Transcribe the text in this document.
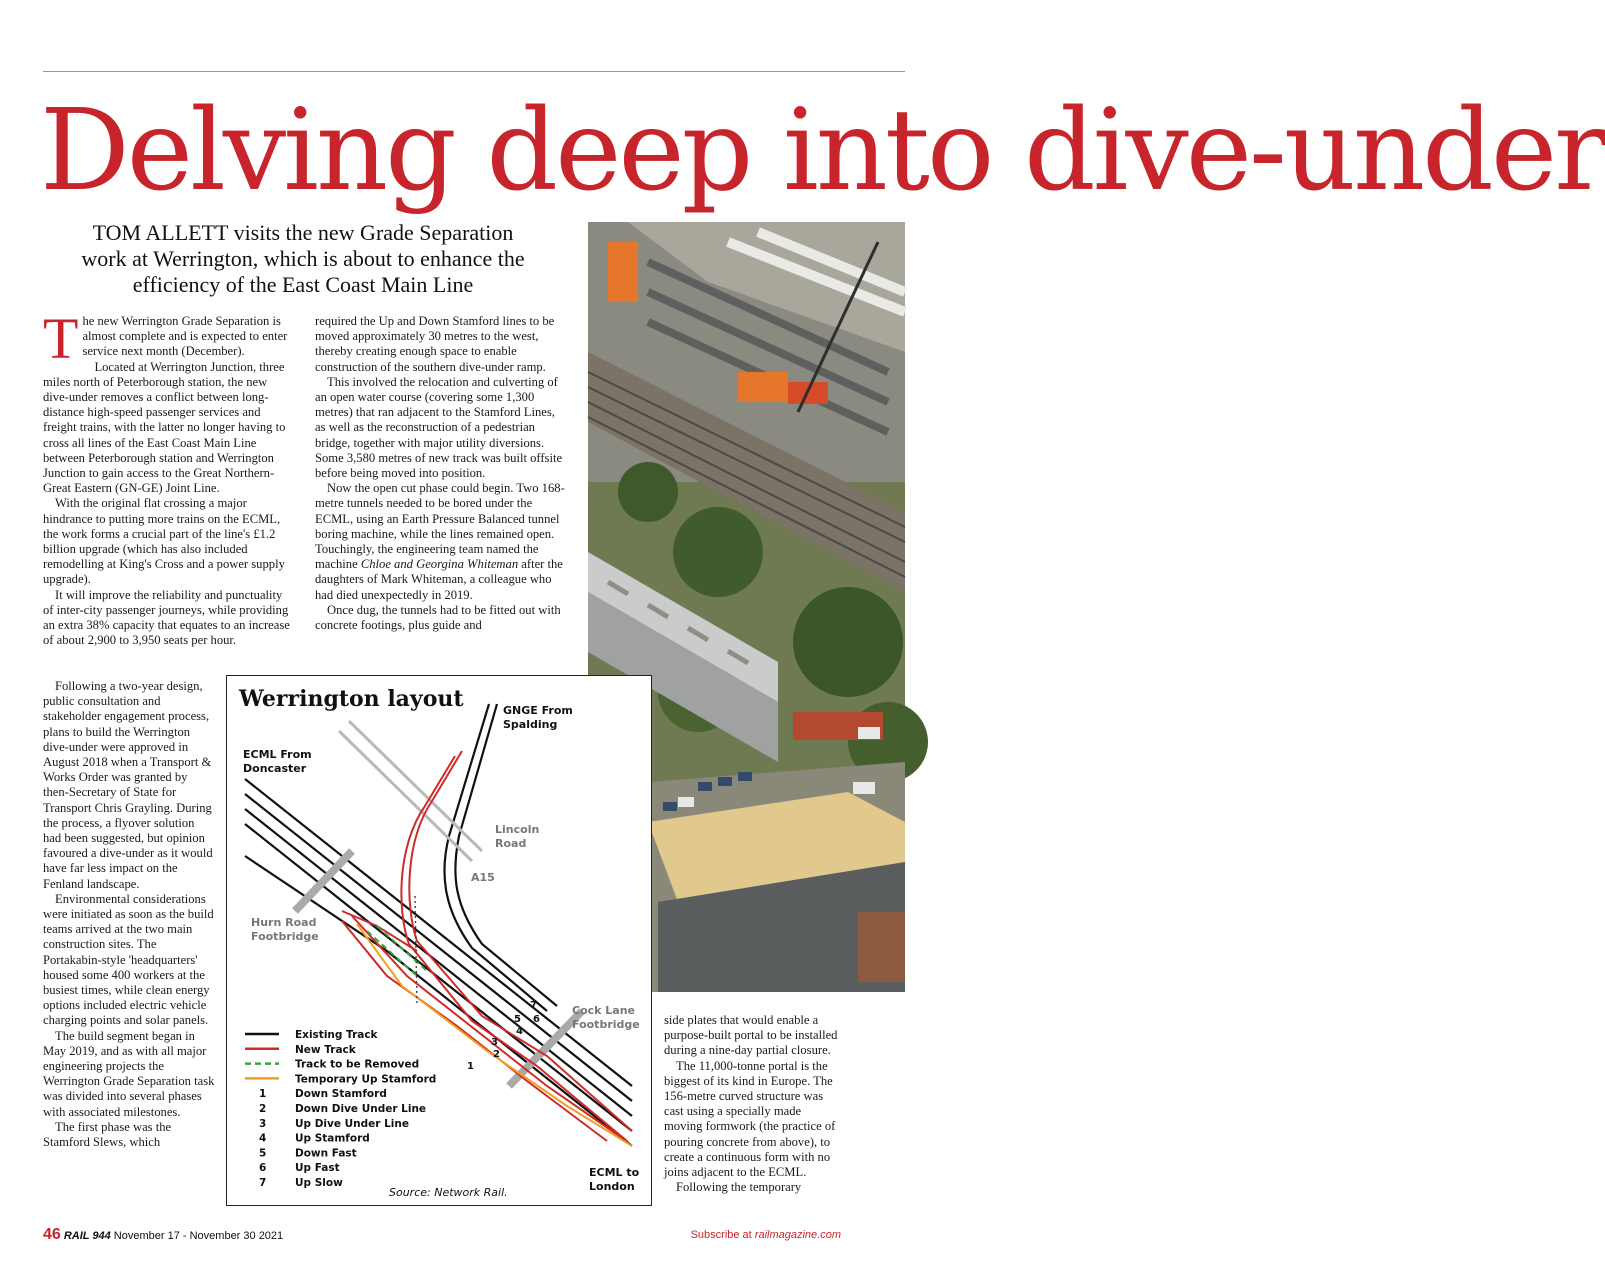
Delving deep into dive-under
TOM ALLETT visits the new Grade Separation work at Werrington, which is about to enhance the efficiency of the East Coast Main Line

The new Werrington Grade Separation is almost complete and is expected to enter service next month (December).

Located at Werrington Junction, three miles north of Peterborough station, the new dive-under removes a conflict between long-distance high-speed passenger services and freight trains, with the latter no longer having to cross all lines of the East Coast Main Line between Peterborough station and Werrington Junction to gain access to the Great Northern-Great Eastern (GN-GE) Joint Line.

With the original flat crossing a major hindrance to putting more trains on the ECML, the work forms a crucial part of the line's £1.2 billion upgrade (which has also included remodelling at King's Cross and a power supply upgrade).

It will improve the reliability and punctuality of inter-city passenger journeys, while providing an extra 38% capacity that equates to an increase of about 2,900 to 3,950 seats per hour.

Following a two-year design, public consultation and stakeholder engagement process, plans to build the Werrington dive-under were approved in August 2018 when a Transport & Works Order was granted by then-Secretary of State for Transport Chris Grayling. During the process, a flyover solution had been suggested, but opinion favoured a dive-under as it would have far less impact on the Fenland landscape.

Environmental considerations were initiated as soon as the build teams arrived at the two main construction sites. The Portakabin-style 'headquarters' housed some 400 workers at the busiest times, while clean energy options included electric vehicle charging points and solar panels.

The build segment began in May 2019, and as with all major engineering projects the Werrington Grade Separation task was divided into several phases with associated milestones.

The first phase was the Stamford Slews, which

required the Up and Down Stamford lines to be moved approximately 30 metres to the west, thereby creating enough space to enable construction of the southern dive-under ramp.

This involved the relocation and culverting of an open water course (covering some 1,300 metres) that ran adjacent to the Stamford Lines, as well as the reconstruction of a pedestrian bridge, together with major utility diversions. Some 3,580 metres of new track was built offsite before being moved into position.

Now the open cut phase could begin. Two 168-metre tunnels needed to be bored under the ECML, using an Earth Pressure Balanced tunnel boring machine, while the lines remained open. Touchingly, the engineering team named the machine Chloe and Georgina Whiteman after the daughters of Mark Whiteman, a colleague who had died unexpectedly in 2019.

Once dug, the tunnels had to be fitted out with concrete footings, plus guide and

side plates that would enable a purpose-built portal to be installed during a nine-day partial closure.

The 11,000-tonne portal is the biggest of its kind in Europe. The 156-metre curved structure was cast using a specially made moving formwork (the practice of pouring concrete from above), to create a continuous form with no joins adjacent to the ECML.

Following the temporary

Werrington layout	GNGE From Spalding
ECML From Doncaster
Lincoln Road
A15
Hurn Road Footbridge
Cock Lane Footbridge
ECML to London
1
2
3
4
5 6
7
Existing Track
New Track
Track to be Removed
Temporary Up Stamford
1	Down Stamford
2	Down Dive Under Line
3	Up Dive Under Line
4	Up Stamford
5	Down Fast
6	Up Fast
7	Up Slow
Source: Network Rail.
46 RAIL 944 November 17 - November 30 2021	Subscribe at railmagazine.com
